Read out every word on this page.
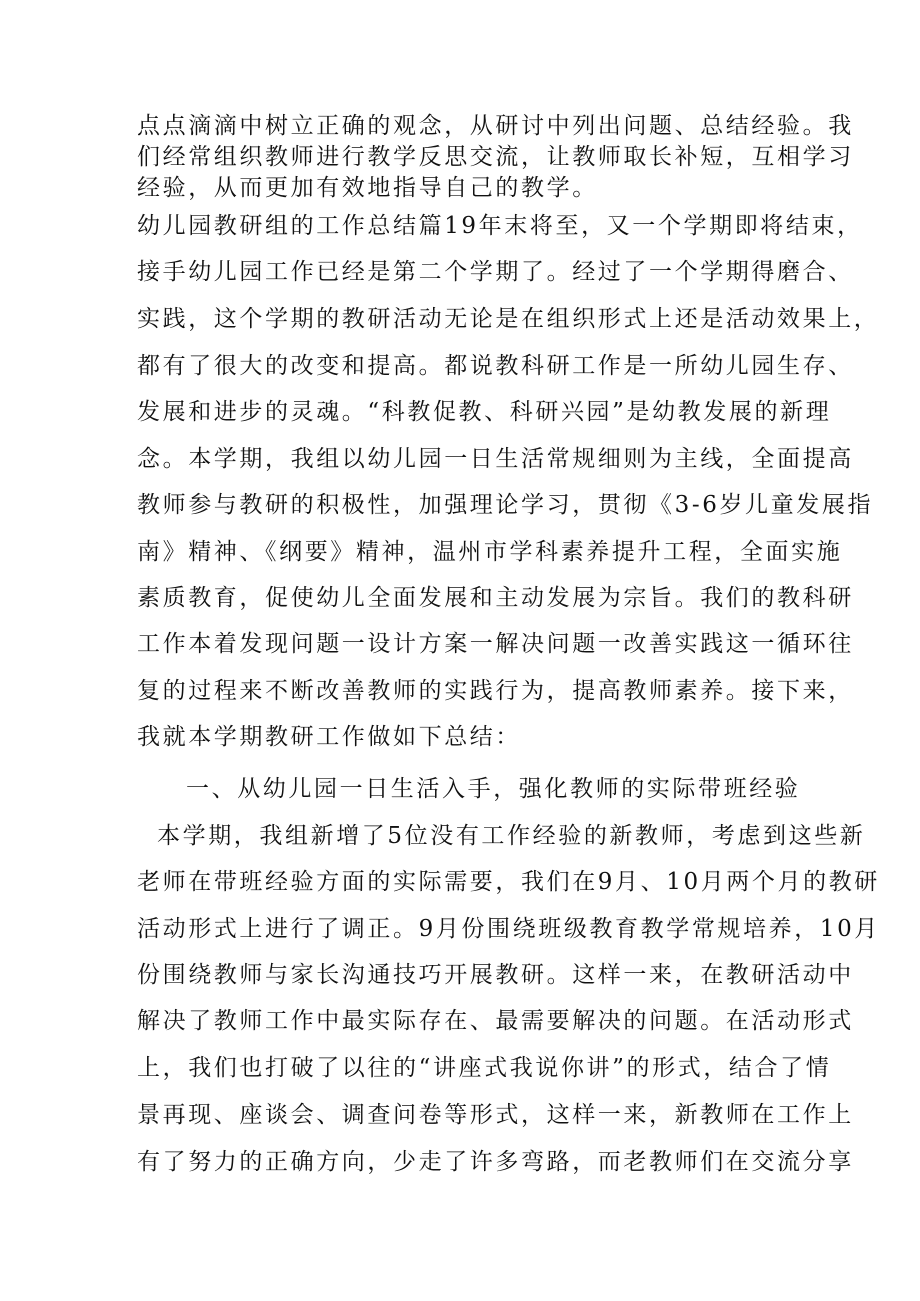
点点滴滴中树立正确的观念，从研讨中列出问题、总结经验。我
们经常组织教师进行教学反思交流，让教师取长补短，互相学习
经验，从而更加有效地指导自己的教学。
幼儿园教研组的工作总结篇19年末将至，又一个学期即将结束，
接手幼儿园工作已经是第二个学期了。经过了一个学期得磨合、
实践，这个学期的教研活动无论是在组织形式上还是活动效果上，
都有了很大的改变和提高。都说教科研工作是一所幼儿园生存、
发展和进步的灵魂。“科教促教、科研兴园”是幼教发展的新理
念。本学期，我组以幼儿园一日生活常规细则为主线，全面提高
教师参与教研的积极性，加强理论学习，贯彻《3-6岁儿童发展指
南》精神、《纲要》精神，温州市学科素养提升工程，全面实施
素质教育，促使幼儿全面发展和主动发展为宗旨。我们的教科研
工作本着发现问题一设计方案一解决问题一改善实践这一循环往
复的过程来不断改善教师的实践行为，提高教师素养。接下来，
我就本学期教研工作做如下总结：
一、从幼儿园一日生活入手，强化教师的实际带班经验
本学期，我组新增了5位没有工作经验的新教师，考虑到这些新
老师在带班经验方面的实际需要，我们在9月、10月两个月的教研
活动形式上进行了调正。9月份围绕班级教育教学常规培养，10月
份围绕教师与家长沟通技巧开展教研。这样一来，在教研活动中
解决了教师工作中最实际存在、最需要解决的问题。在活动形式
上，我们也打破了以往的“讲座式我说你讲”的形式，结合了情
景再现、座谈会、调查问卷等形式，这样一来，新教师在工作上
有了努力的正确方向，少走了许多弯路，而老教师们在交流分享
